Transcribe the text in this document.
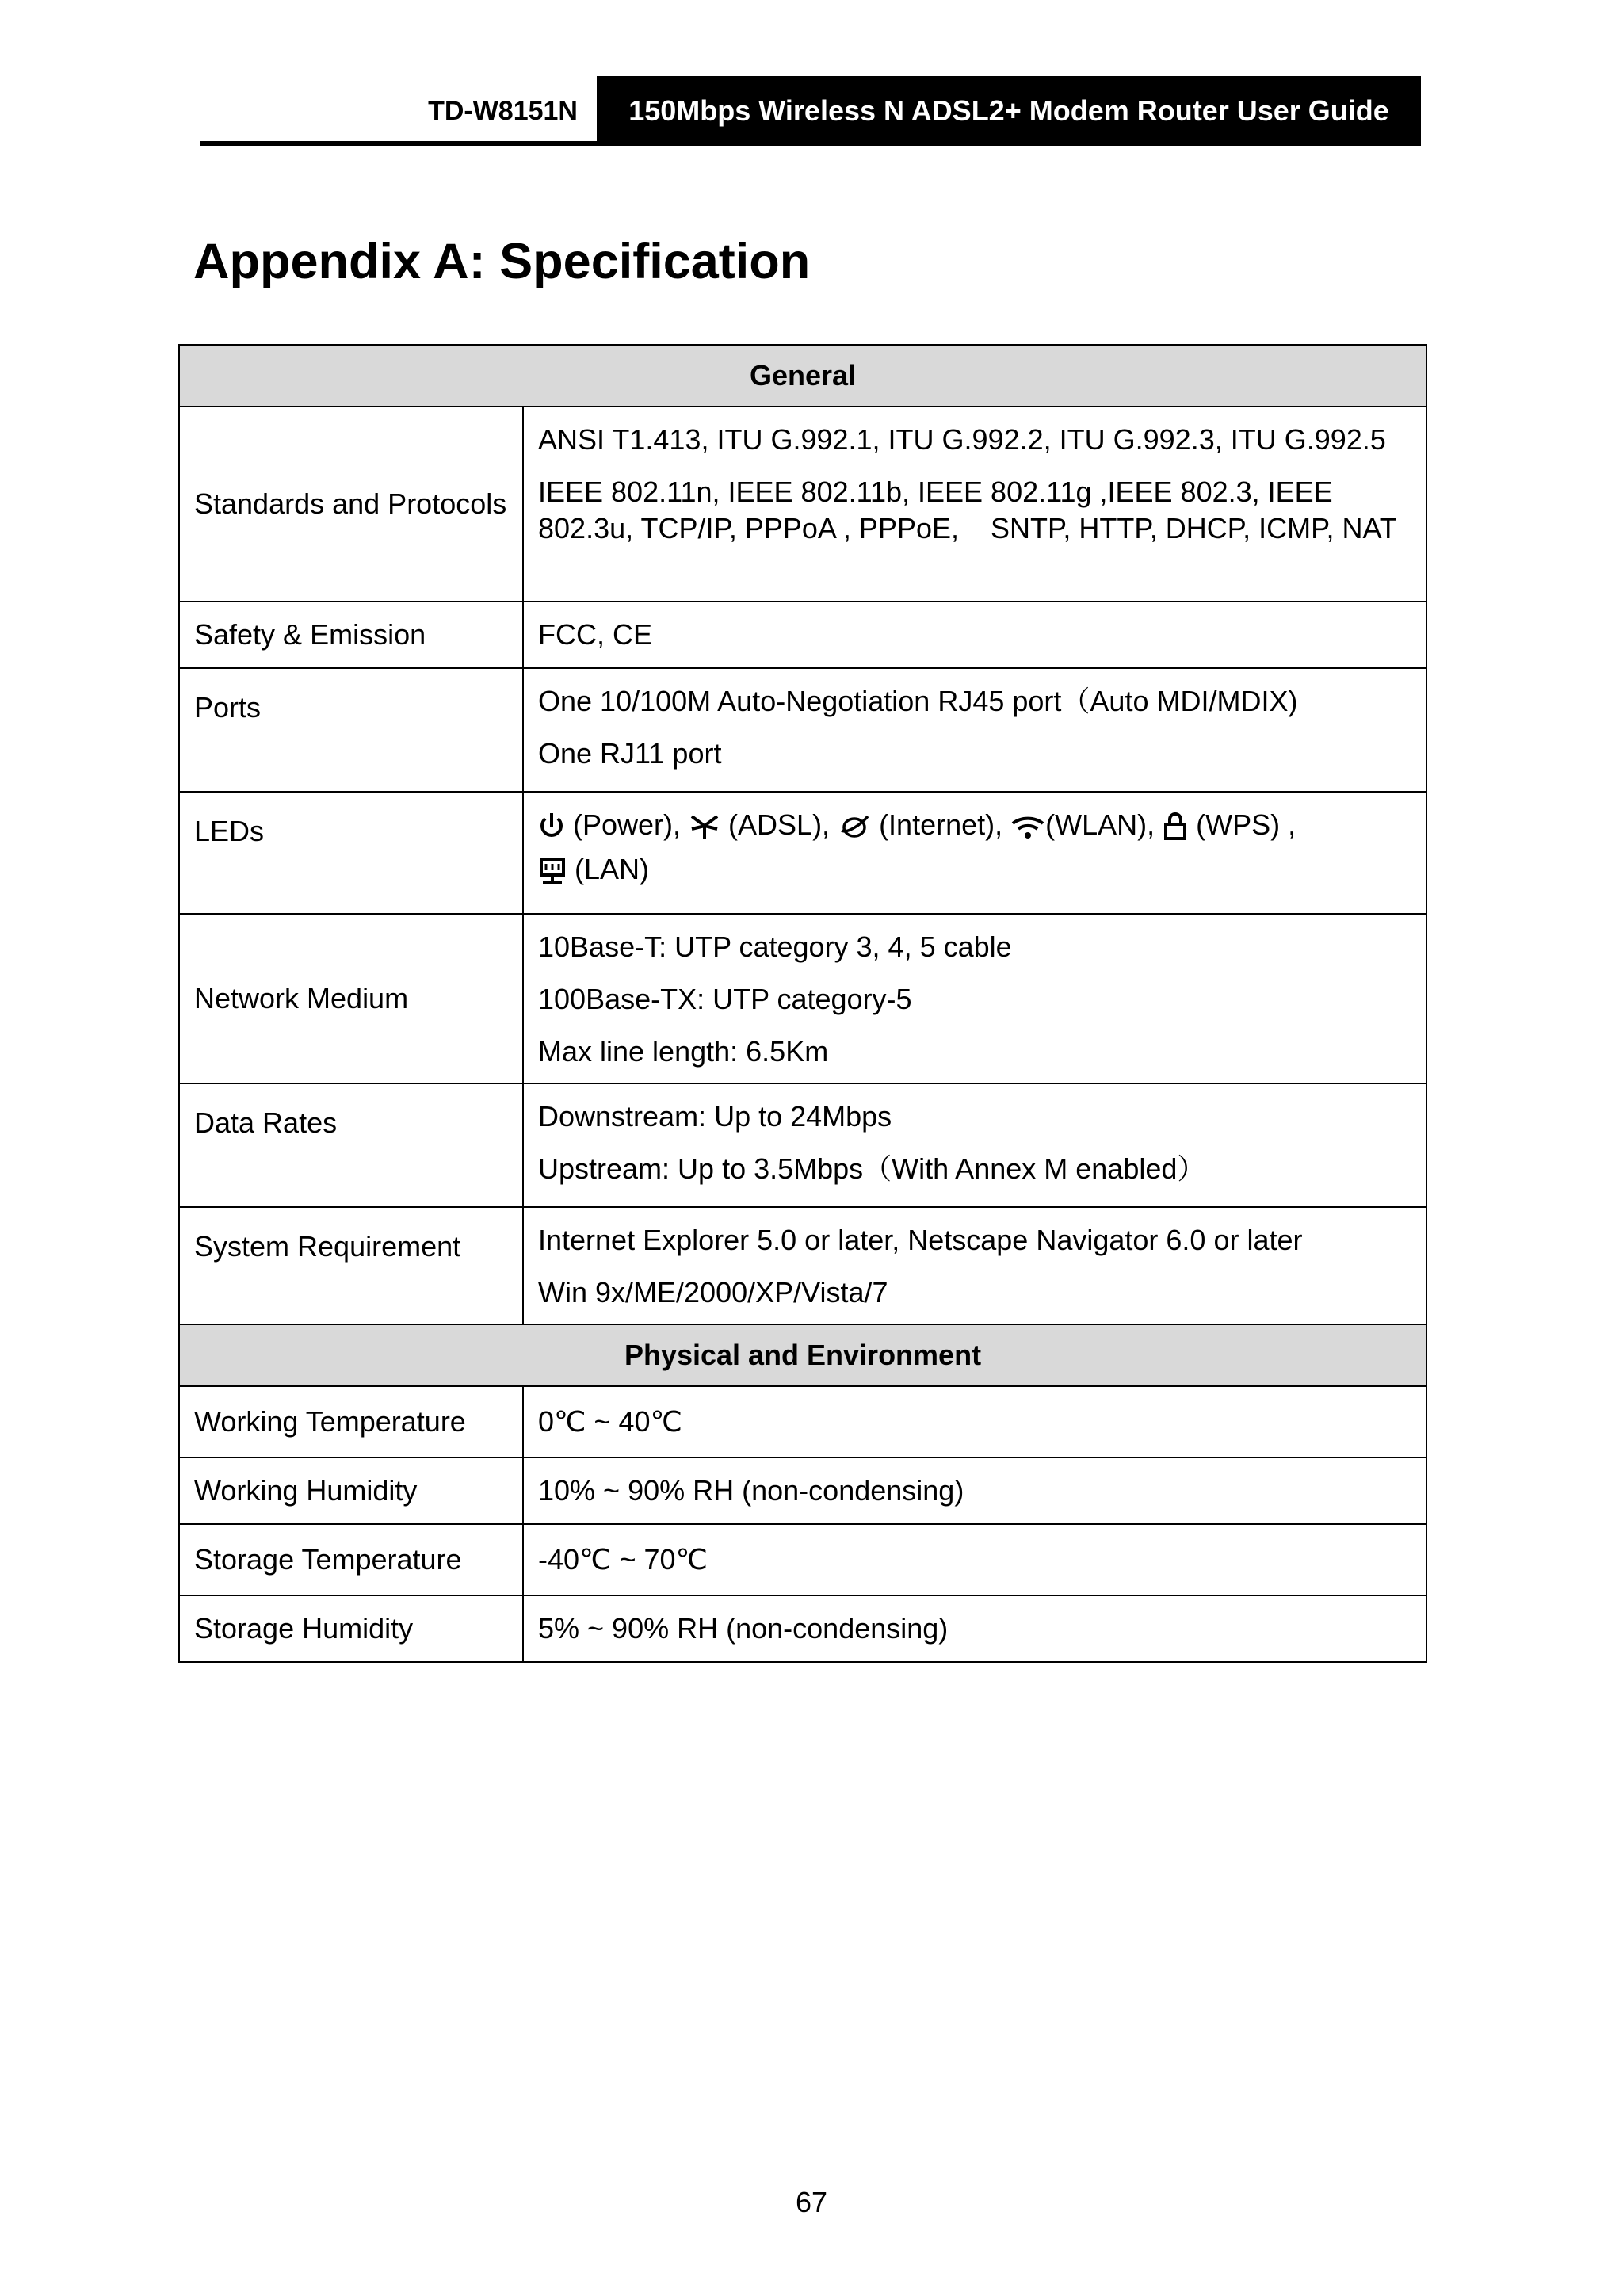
TD-W8151N	150Mbps Wireless N ADSL2+ Modem Router User Guide
Appendix A: Specification
General	
Standards and Protocols	ANSI T1.413, ITU G.992.1, ITU G.992.2, ITU G.992.3, ITU G.992.5

IEEE 802.11n, IEEE 802.11b, IEEE 802.11g ,IEEE 802.3, IEEE 802.3u, TCP/IP, PPPoA , PPPoE,    SNTP, HTTP, DHCP, ICMP, NAT

Safety & Emission	FCC, CE

Ports	One 10/100M Auto-Negotiation RJ45 port（Auto MDI/MDIX)

One RJ11 port

LEDs	(Power),  (ADSL),  (Internet), (WLAN),  (WPS) ,

(LAN)

Network Medium	10Base-T: UTP category 3, 4, 5 cable

100Base-TX: UTP category-5

Max line length: 6.5Km

Data Rates	Downstream: Up to 24Mbps

Upstream: Up to 3.5Mbps（With Annex M enabled）

System Requirement	Internet Explorer 5.0 or later, Netscape Navigator 6.0 or later

Win 9x/ME/2000/XP/Vista/7

Physical and Environment	
Working Temperature	0℃ ~ 40℃
Working Humidity	10% ~ 90% RH (non-condensing)
Storage Temperature	-40℃ ~ 70℃
Storage Humidity	5% ~ 90% RH (non-condensing)
67
